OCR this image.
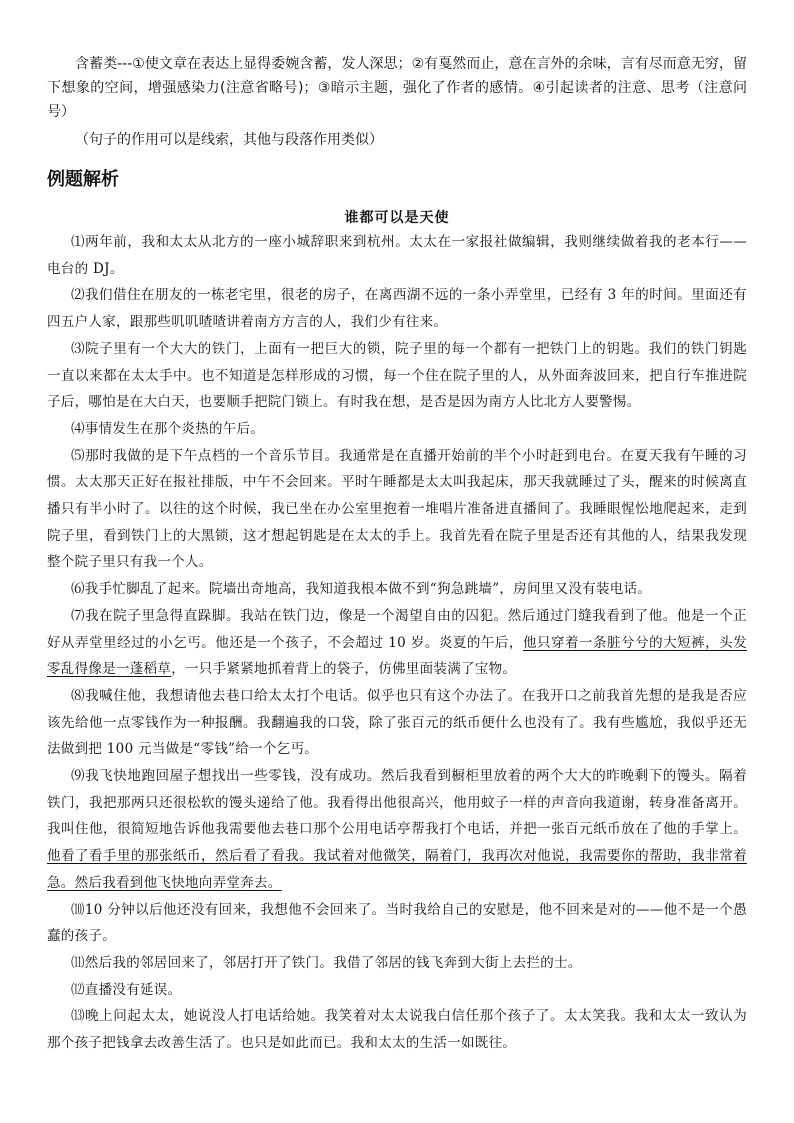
含蓄类---①使文章在表达上显得委婉含蓄，发人深思；②有戛然而止，意在言外的余味，言有尽而意无穷，留下想象的空间，增强感染力(注意省略号)；③暗示主题，强化了作者的感情。④引起读者的注意、思考（注意问号）

（句子的作用可以是线索，其他与段落作用类似）
例题解析
谁都可以是天使

⑴两年前，我和太太从北方的一座小城辞职来到杭州。太太在一家报社做编辑，我则继续做着我的老本行——电台的 DJ。

⑵我们借住在朋友的一栋老宅里，很老的房子，在离西湖不远的一条小弄堂里，已经有 3 年的时间。里面还有四五户人家，跟那些叽叽喳喳讲着南方方言的人，我们少有往来。

⑶院子里有一个大大的铁门，上面有一把巨大的锁，院子里的每一个都有一把铁门上的钥匙。我们的铁门钥匙一直以来都在太太手中。也不知道是怎样形成的习惯，每一个住在院子里的人，从外面奔波回来，把自行车推进院子后，哪怕是在大白天，也要顺手把院门锁上。有时我在想，是否是因为南方人比北方人要警惕。

⑷事情发生在那个炎热的午后。

⑸那时我做的是下午点档的一个音乐节目。我通常是在直播开始前的半个小时赶到电台。在夏天我有午睡的习惯。太太那天正好在报社排版，中午不会回来。平时午睡都是太太叫我起床，那天我就睡过了头，醒来的时候离直播只有半小时了。以往的这个时候，我已坐在办公室里抱着一堆唱片准备进直播间了。我睡眼惺忪地爬起来，走到院子里，看到铁门上的大黑锁，这才想起钥匙是在太太的手上。我首先看在院子里是否还有其他的人，结果我发现整个院子里只有我一个人。

⑹我手忙脚乱了起来。院墙出奇地高，我知道我根本做不到“狗急跳墙”，房间里又没有装电话。

⑺我在院子里急得直跺脚。我站在铁门边，像是一个渴望自由的囚犯。然后通过门缝我看到了他。他是一个正好从弄堂里经过的小乞丐。他还是一个孩子，不会超过 10 岁。炎夏的午后，他只穿着一条脏兮兮的大短裤，头发零乱得像是一蓬稻草，一只手紧紧地抓着背上的袋子，仿佛里面装满了宝物。

⑻我喊住他，我想请他去巷口给太太打个电话。似乎也只有这个办法了。在我开口之前我首先想的是我是否应该先给他一点零钱作为一种报酬。我翻遍我的口袋，除了张百元的纸币便什么也没有了。我有些尴尬，我似乎还无法做到把 100 元当做是“零钱”给一个乞丐。

⑼我飞快地跑回屋子想找出一些零钱，没有成功。然后我看到橱柜里放着的两个大大的昨晚剩下的馒头。隔着铁门，我把那两只还很松软的馒头递给了他。我看得出他很高兴，他用蚊子一样的声音向我道谢，转身准备离开。我叫住他，很简短地告诉他我需要他去巷口那个公用电话亭帮我打个电话，并把一张百元纸币放在了他的手掌上。他看了看手里的那张纸币，然后看了看我。我试着对他微笑，隔着门，我再次对他说，我需要你的帮助，我非常着急。然后我看到他飞快地向弄堂奔去。

⑽10 分钟以后他还没有回来，我想他不会回来了。当时我给自己的安慰是，他不回来是对的——他不是一个愚蠢的孩子。

⑾然后我的邻居回来了，邻居打开了铁门。我借了邻居的钱飞奔到大街上去拦的士。

⑿直播没有延误。

⒀晚上问起太太，她说没人打电话给她。我笑着对太太说我白信任那个孩子了。太太笑我。我和太太一致认为那个孩子把钱拿去改善生活了。也只是如此而已。我和太太的生活一如既往。
